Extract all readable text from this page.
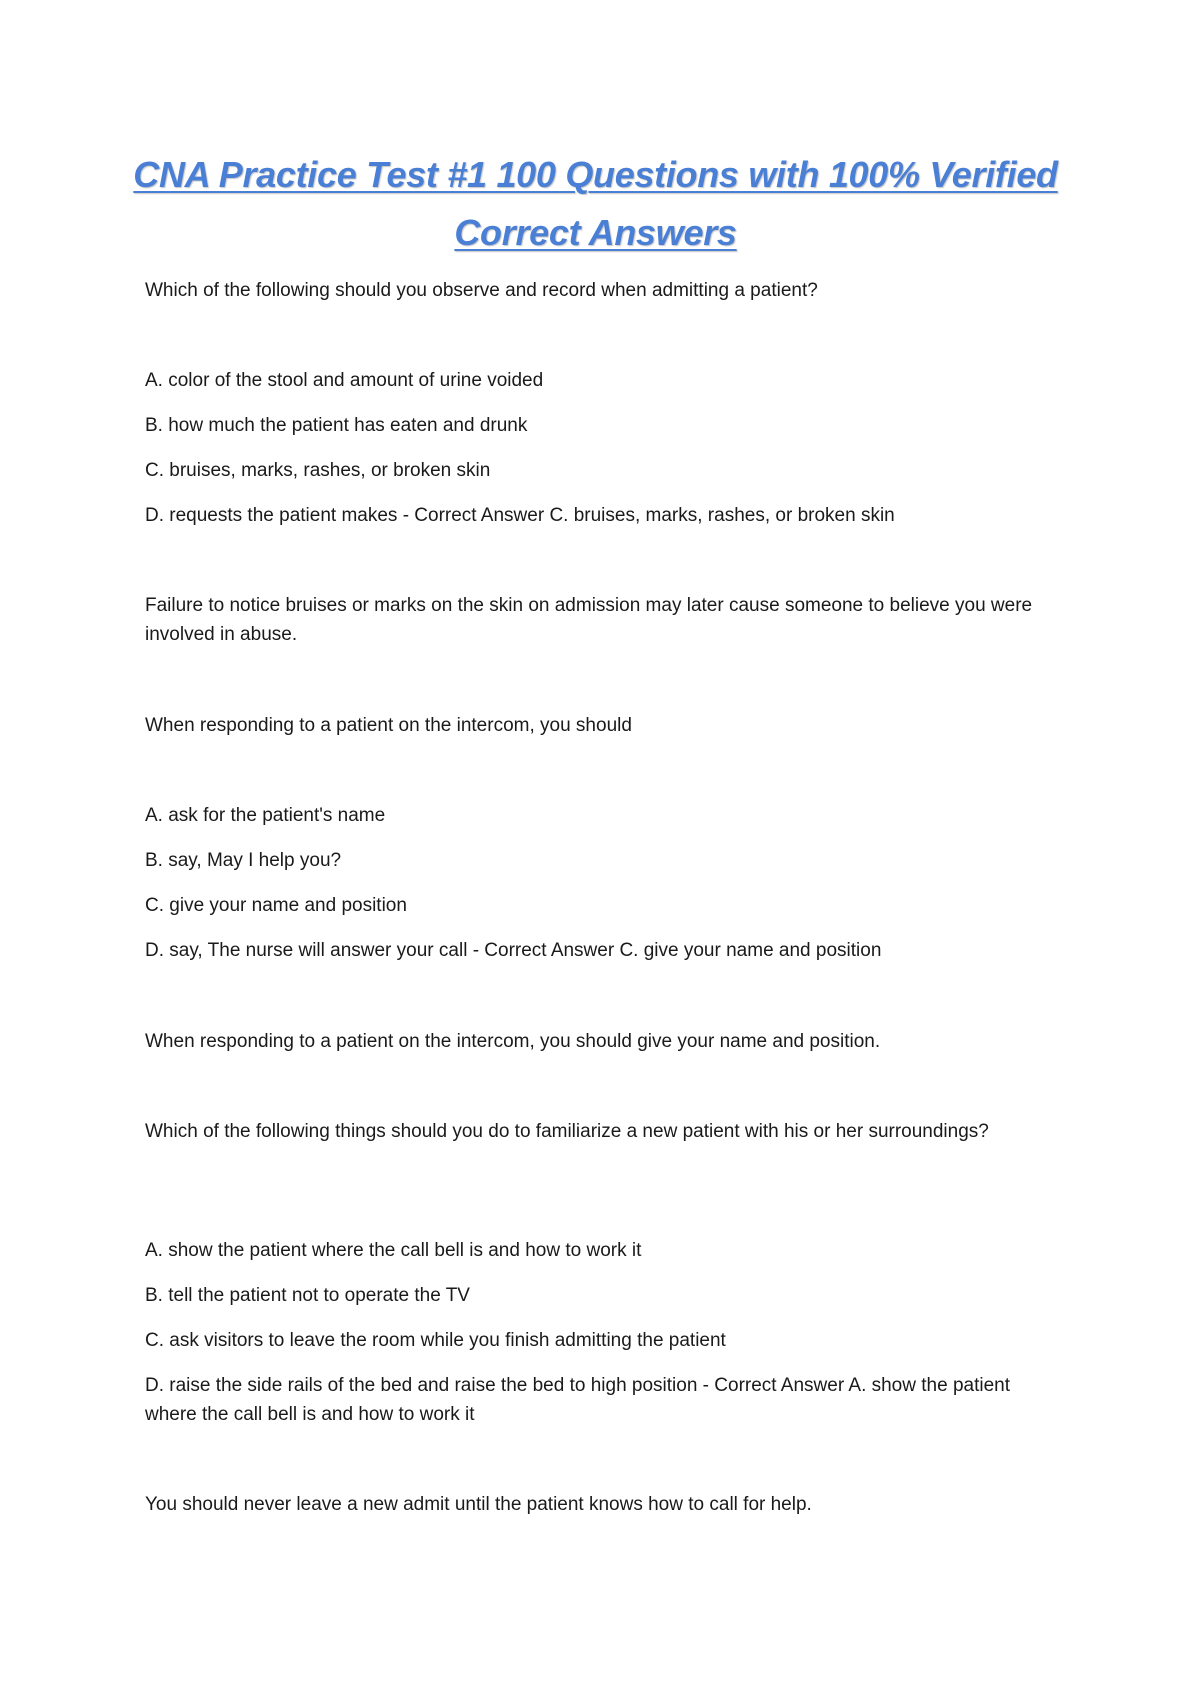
CNA Practice Test #1 100 Questions with 100% Verified Correct Answers

Which of the following should you observe and record when admitting a patient?

A. color of the stool and amount of urine voided

B. how much the patient has eaten and drunk

C. bruises, marks, rashes, or broken skin

D. requests the patient makes - Correct Answer C. bruises, marks, rashes, or broken skin

Failure to notice bruises or marks on the skin on admission may later cause someone to believe you were involved in abuse.

When responding to a patient on the intercom, you should

A. ask for the patient's name

B. say, May I help you?

C. give your name and position

D. say, The nurse will answer your call - Correct Answer C. give your name and position

When responding to a patient on the intercom, you should give your name and position.

Which of the following things should you do to familiarize a new patient with his or her surroundings?

A. show the patient where the call bell is and how to work it

B. tell the patient not to operate the TV

C. ask visitors to leave the room while you finish admitting the patient

D. raise the side rails of the bed and raise the bed to high position - Correct Answer A. show the patient where the call bell is and how to work it

You should never leave a new admit until the patient knows how to call for help.
